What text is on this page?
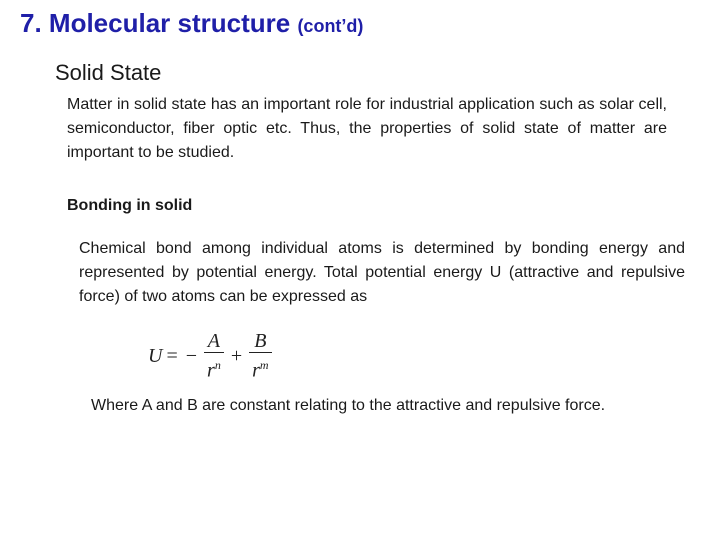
7. Molecular structure (cont’d)
Solid State
Matter in solid state has an important role for industrial application such as solar cell, semiconductor, fiber optic etc. Thus, the properties of solid state of matter are important to be studied.
Bonding in solid
Chemical bond among individual atoms is determined by bonding energy and represented by potential energy. Total potential energy U (attractive and repulsive force) of two atoms can be expressed as
U = − $\frac{A}{r^n} + \frac{B}{r^m}$
Where A and B are constant relating to the attractive and repulsive force.
